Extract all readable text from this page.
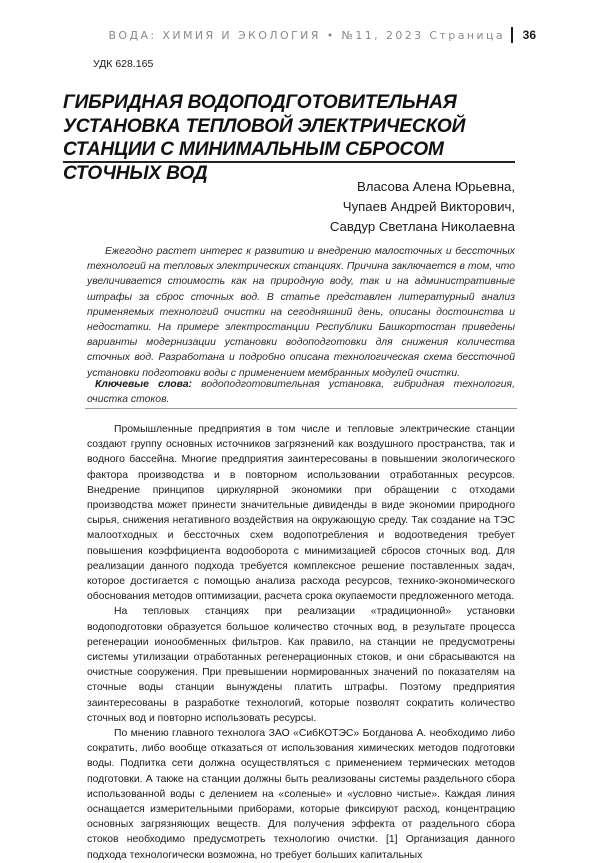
ВОДА: ХИМИЯ И ЭКОЛОГИЯ • №11, 2023 Страница 36
УДК 628.165
ГИБРИДНАЯ ВОДОПОДГОТОВИТЕЛЬНАЯ УСТАНОВКА ТЕПЛОВОЙ ЭЛЕКТРИЧЕСКОЙ СТАНЦИИ С МИНИМАЛЬНЫМ СБРОСОМ СТОЧНЫХ ВОД
Власова Алена Юрьевна,
Чупаев Андрей Викторович,
Савдур Светлана Николаевна

Ежегодно растет интерес к развитию и внедрению малосточных и бессточных технологий на тепловых электрических станциях. Причина заключается в том, что увеличивается стоимость как на природную воду, так и на административные штрафы за сброс сточных вод. В статье представлен литературный анализ применяемых технологий очистки на сегодняшний день, описаны достоинства и недостатки. На примере электростанции Республики Башкортостан приведены варианты модернизации установки водоподготовки для снижения количества сточных вод. Разработана и подробно описана технологическая схема бессточной установки подготовки воды с применением мембранных модулей очистки.

Ключевые слова: водоподготовительная установка, гибридная технология, очистка стоков.

Промышленные предприятия в том числе и тепловые электрические станции создают группу основных источников загрязнений как воздушного пространства, так и водного бассейна. Многие предприятия заинтересованы в повышении экологического фактора производства и в повторном использовании отработанных ресурсов. Внедрение принципов циркулярной экономики при обращении с отходами производства может принести значительные дивиденды в виде экономии природного сырья, снижения негативного воздействия на окружающую среду. Так создание на ТЭС малоотходных и бессточных схем водопотребления и водоотведения требует повышения коэффициента водооборота с минимизацией сбросов сточных вод. Для реализации данного подхода требуется комплексное решение поставленных задач, которое достигается с помощью анализа расхода ресурсов, технико-экономического обоснования методов оптимизации, расчета срока окупаемости предложенного метода.

На тепловых станциях при реализации «традиционной» установки водоподготовки образуется большое количество сточных вод, в результате процесса регенерации ионообменных фильтров. Как правило, на станции не предусмотрены системы утилизации отработанных регенерационных стоков, и они сбрасываются на очистные сооружения. При превышении нормированных значений по показателям на сточные воды станции вынуждены платить штрафы. Поэтому предприятия заинтересованы в разработке технологий, которые позволят сократить количество сточных вод и повторно использовать ресурсы.

По мнению главного технолога ЗАО «СибКОТЭС» Богданова А. необходимо либо сократить, либо вообще отказаться от использования химических методов подготовки воды. Подпитка сети должна осуществляться с применением термических методов подготовки. А также на станции должны быть реализованы системы раздельного сбора использованной воды с делением на «соленые» и «условно чистые». Каждая линия оснащается измерительными приборами, которые фиксируют расход, концентрацию основных загрязняющих веществ. Для получения эффекта от раздельного сбора стоков необходимо предусмотреть технологию очистки. [1] Организация данного подхода технологически возможна, но требует больших капитальных
